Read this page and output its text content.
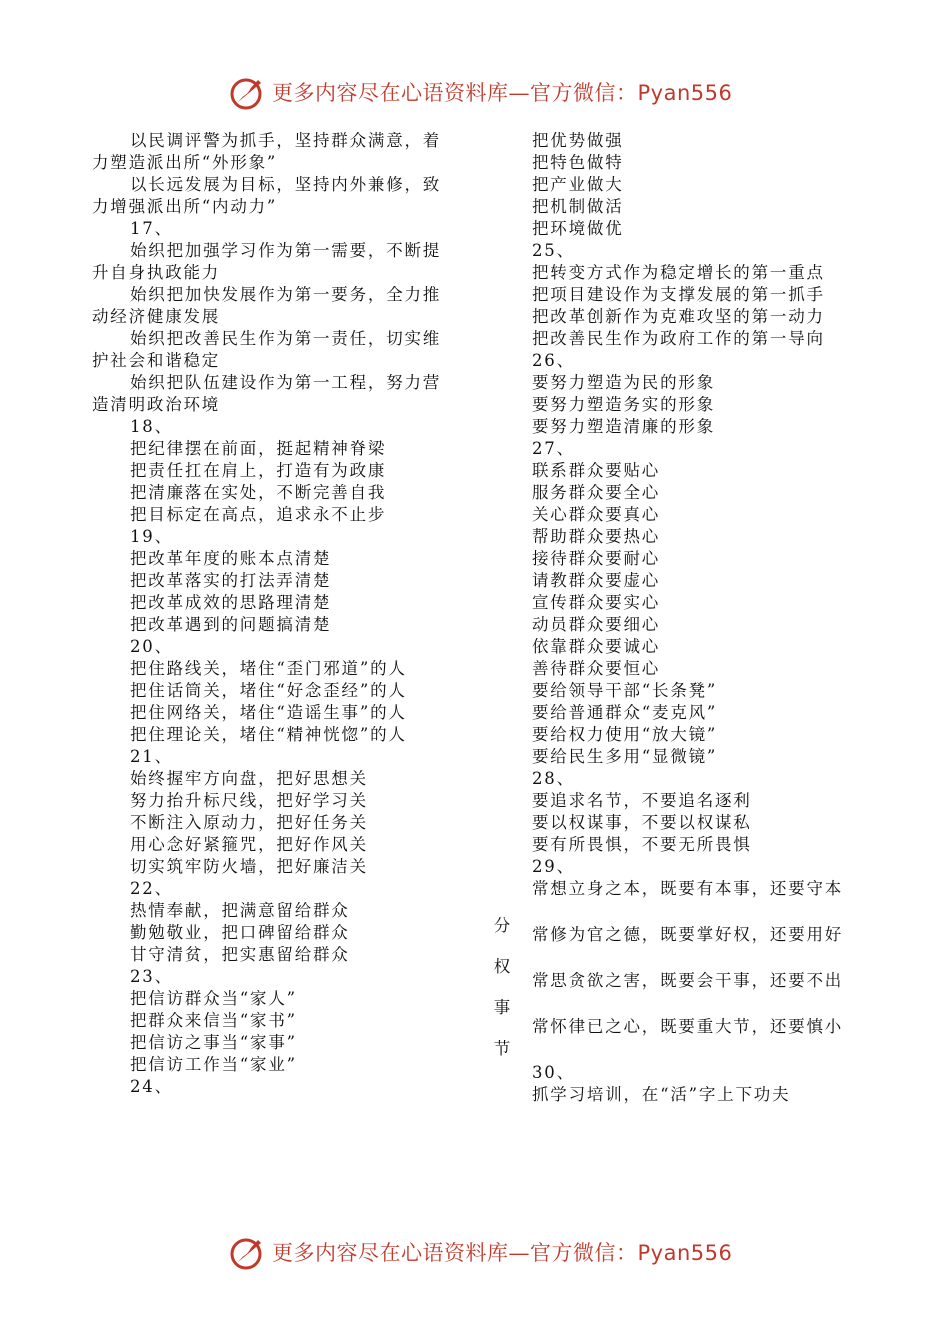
更多内容尽在心语资料库—官方微信：Pyan556

以民调评警为抓手，坚持群众满意，着力塑造派出所“外形象”

以长远发展为目标，坚持内外兼修，致力增强派出所“内动力”

17、

始织把加强学习作为第一需要，不断提升自身执政能力

始织把加快发展作为第一要务，全力推动经济健康发展

始织把改善民生作为第一责任，切实维护社会和谐稳定

始织把队伍建设作为第一工程，努力营造清明政治环境

18、

把纪律摆在前面，挺起精神脊梁

把责任扛在肩上，打造有为政康

把清廉落在实处，不断完善自我

把目标定在高点，追求永不止步

19、

把改革年度的账本点清楚

把改革落实的打法弄清楚

把改革成效的思路理清楚

把改革遇到的问题搞清楚

20、

把住路线关，堵住“歪门邪道”的人

把住话筒关，堵住“好念歪经”的人

把住网络关，堵住“造谣生事”的人

把住理论关，堵住“精神恍惚”的人

21、

始终握牢方向盘，把好思想关

努力抬升标尺线，把好学习关

不断注入原动力，把好任务关

用心念好紧箍咒，把好作风关

切实筑牢防火墙，把好廉洁关

22、

热情奉献，把满意留给群众

勤勉敬业，把口碑留给群众

甘守清贫，把实惠留给群众

23、

把信访群众当“家人”

把群众来信当“家书”

把信访之事当“家事”

把信访工作当“家业”

24、

把优势做强

把特色做特

把产业做大

把机制做活

把环境做优

25、

把转变方式作为稳定增长的第一重点

把项目建设作为支撑发展的第一抓手

把改革创新作为克难攻坚的第一动力

把改善民生作为政府工作的第一导向

26、

要努力塑造为民的形象

要努力塑造务实的形象

要努力塑造清廉的形象

27、

联系群众要贴心

服务群众要全心

关心群众要真心

帮助群众要热心

接待群众要耐心

请教群众要虚心

宣传群众要实心

动员群众要细心

依靠群众要诚心

善待群众要恒心

要给领导干部“长条凳”

要给普通群众“麦克风”

要给权力使用“放大镜”

要给民生多用“显微镜”

28、

要追求名节，不要追名逐利

要以权谋事，不要以权谋私

要有所畏惧，不要无所畏惧

29、

常想立身之本，既要有本事，还要守本

常修为官之德，既要掌好权，还要用好

常思贪欲之害，既要会干事，还要不出

常怀律已之心，既要重大节，还要慎小

30、

抓学习培训，在“活”字上下功夫

分
权
事
节
更多内容尽在心语资料库—官方微信：Pyan556
